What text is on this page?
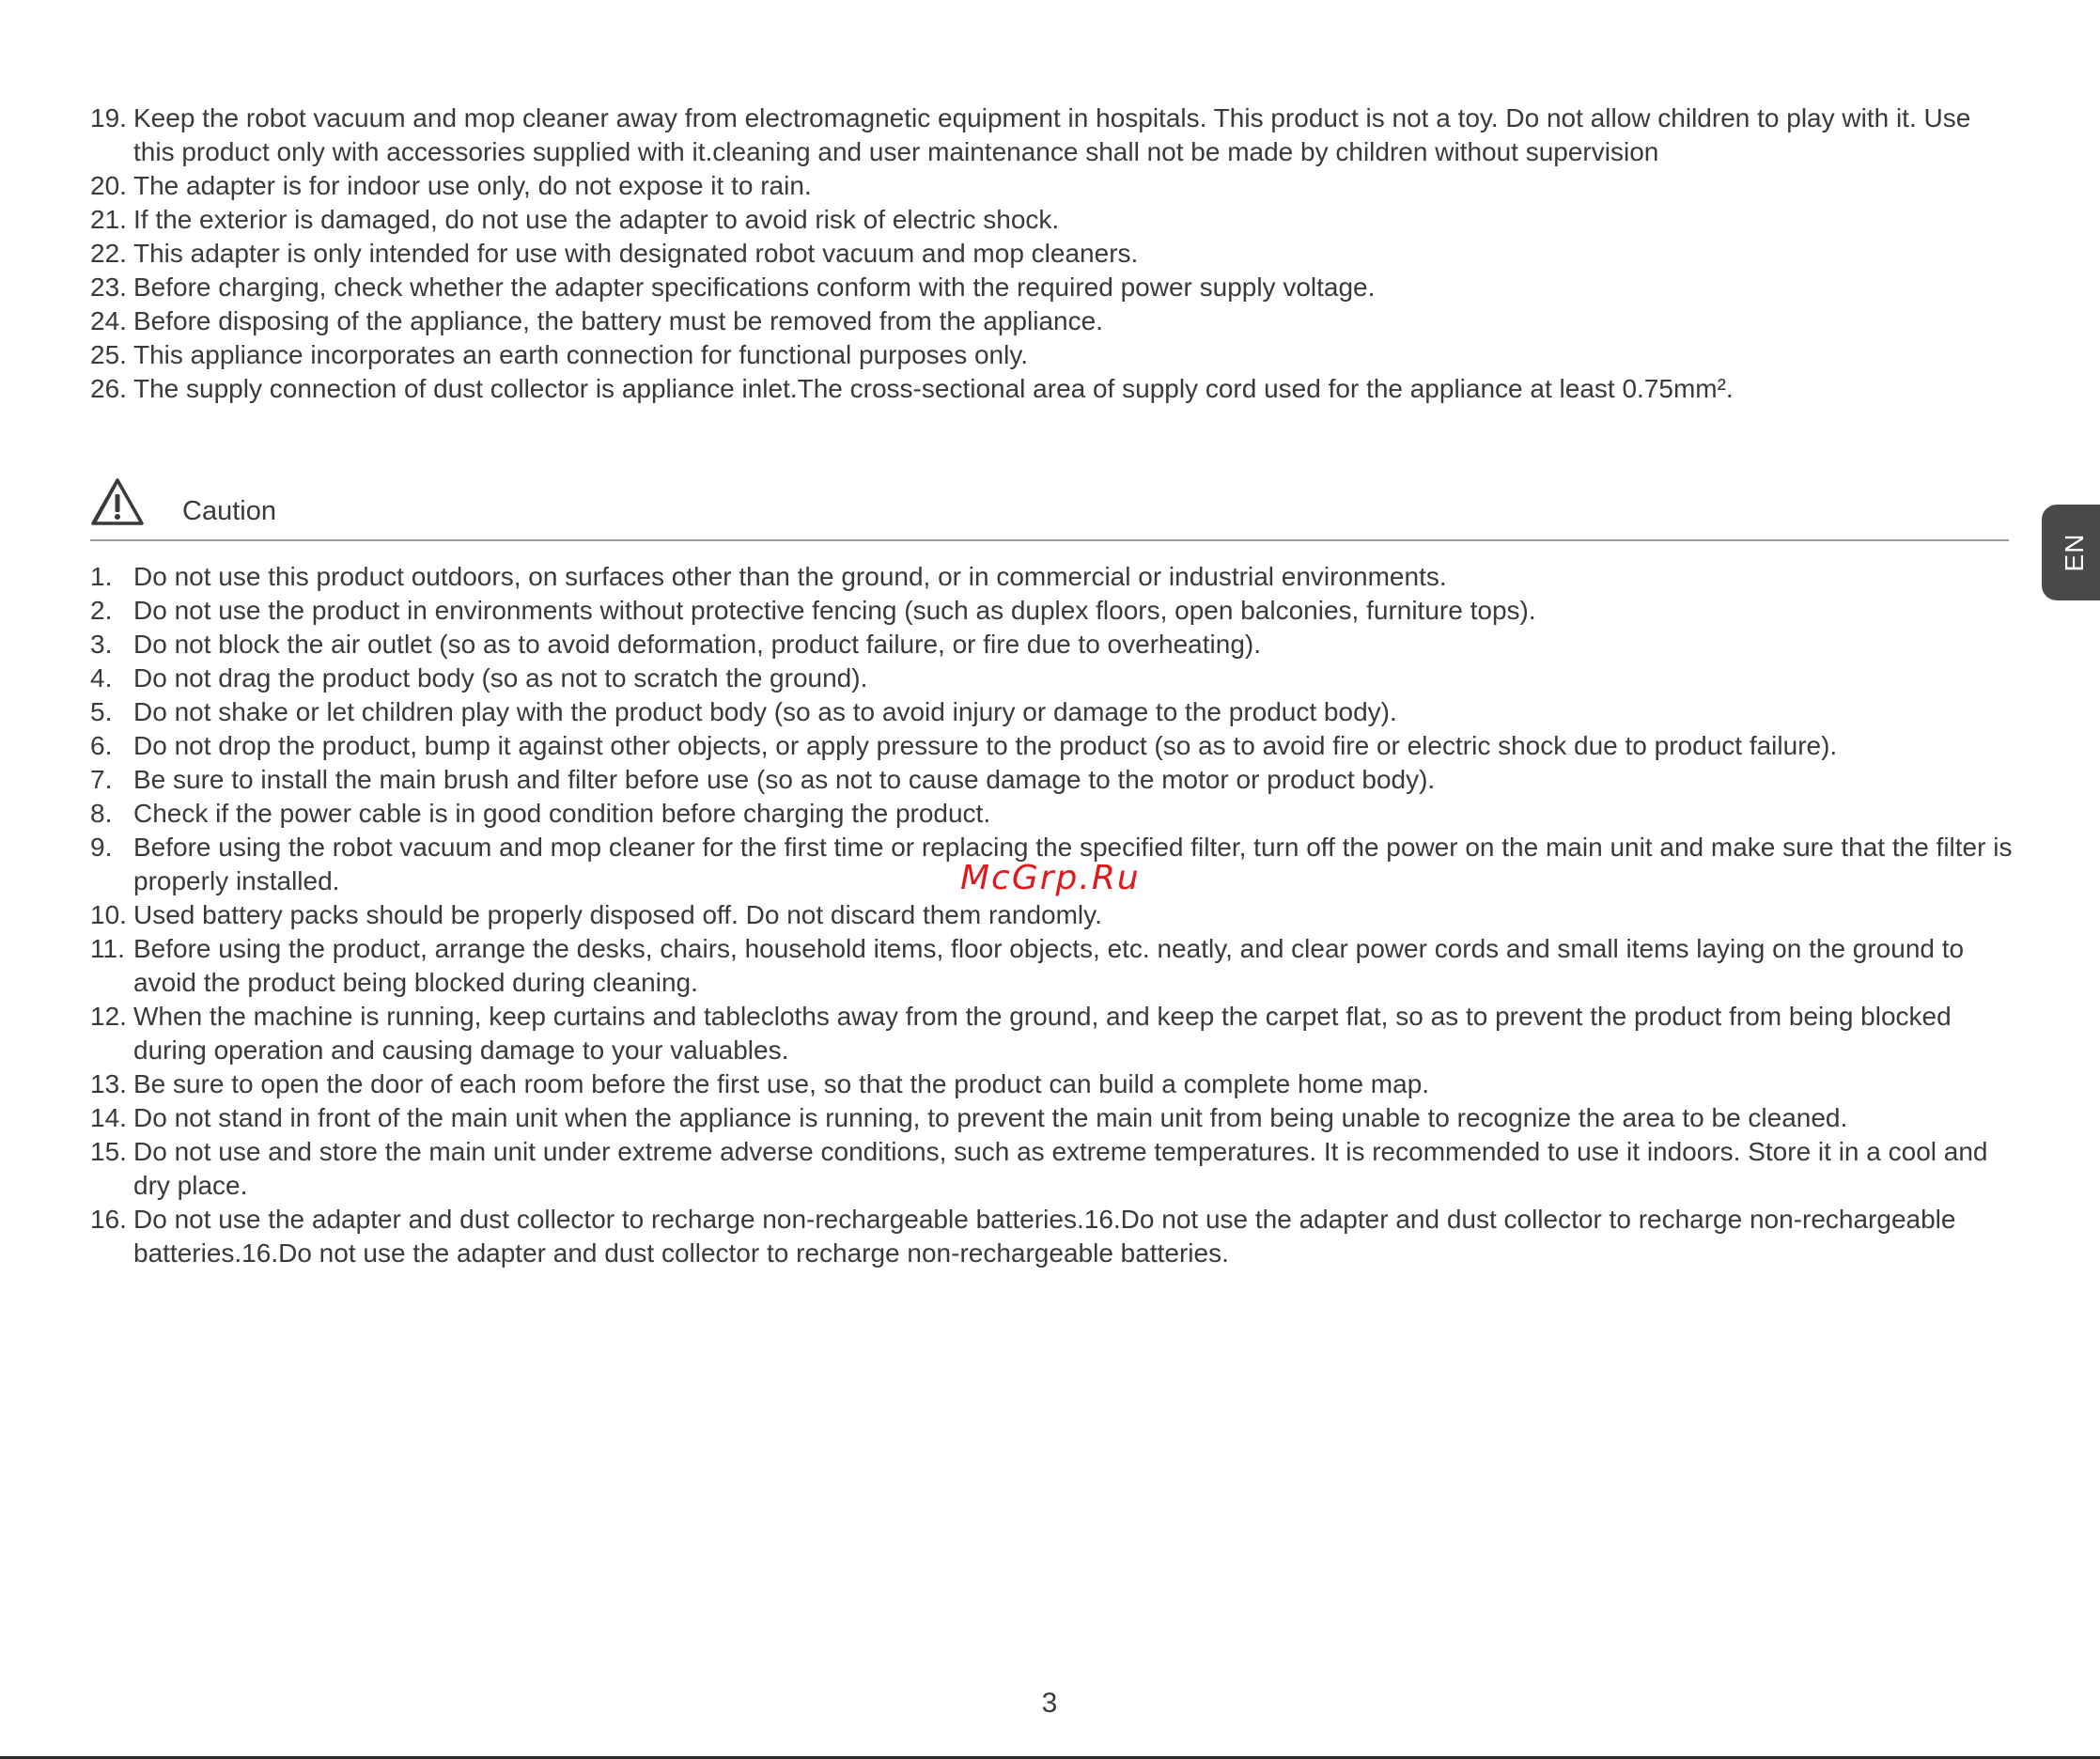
19. Keep the robot vacuum and mop cleaner away from electromagnetic equipment in hospitals. This product is not a toy. Do not allow children to play with it. Use this product only with accessories supplied with it.cleaning and user maintenance shall not be made by children without supervision
20. The adapter is for indoor use only, do not expose it to rain.
21. If the exterior is damaged, do not use the adapter to avoid risk of electric shock.
22. This adapter is only intended for use with designated robot vacuum and mop cleaners.
23. Before charging, check whether the adapter specifications conform with the required power supply voltage.
24. Before disposing of the appliance, the battery must be removed from the appliance.
25. This appliance incorporates an earth connection for functional purposes only.
26. The supply connection of dust collector is appliance inlet.The cross-sectional area of supply cord used for the appliance at least 0.75mm².
Caution
1. Do not use this product outdoors, on surfaces other than the ground, or in commercial or industrial environments.
2. Do not use the product in environments without protective fencing (such as duplex floors, open balconies, furniture tops).
3. Do not block the air outlet (so as to avoid deformation, product failure, or fire due to overheating).
4. Do not drag the product body (so as not to scratch the ground).
5. Do not shake or let children play with the product body (so as to avoid injury or damage to the product body).
6. Do not drop the product, bump it against other objects, or apply pressure to the product (so as to avoid fire or electric shock due to product failure).
7. Be sure to install the main brush and filter before use (so as not to cause damage to the motor or product body).
8. Check if the power cable is in good condition before charging the product.
9. Before using the robot vacuum and mop cleaner for the first time or replacing the specified filter, turn off the power on the main unit and make sure that the filter is properly installed.
10. Used battery packs should be properly disposed off. Do not discard them randomly.
11. Before using the product, arrange the desks, chairs, household items, floor objects, etc. neatly, and clear power cords and small items laying on the ground to avoid the product being blocked during cleaning.
12. When the machine is running, keep curtains and tablecloths away from the ground, and keep the carpet flat, so as to prevent the product from being blocked during operation and causing damage to your valuables.
13. Be sure to open the door of each room before the first use, so that the product can build a complete home map.
14. Do not stand in front of the main unit when the appliance is running, to prevent the main unit from being unable to recognize the area to be cleaned.
15. Do not use and store the main unit under extreme adverse conditions, such as extreme temperatures. It is recommended to use it indoors. Store it in a cool and dry place.
16. Do not use the adapter and dust collector to recharge non-rechargeable batteries.16.Do not use the adapter and dust collector to recharge non-rechargeable batteries.16.Do not use the adapter and dust collector to recharge non-rechargeable batteries.
McGrp.Ru
EN
3
